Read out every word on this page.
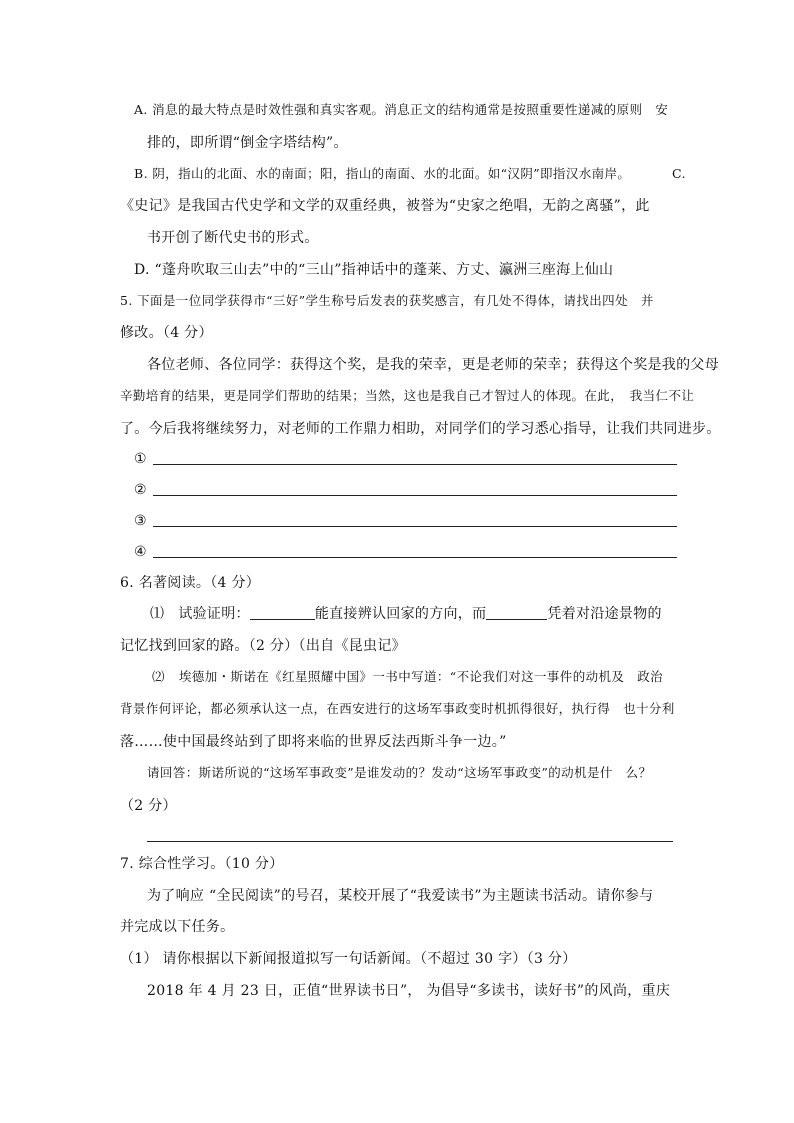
A. 消息的最大特点是时效性强和真实客观。消息正文的结构通常是按照重要性递减的原则　安
排的，即所谓“倒金字塔结构”。
B. 阴，指山的北面、水的南面；阳，指山的南面、水的北面。如“汉阴”即指汉水南岸。	C.
《史记》是我国古代史学和文学的双重经典，被誉为“史家之绝唱，无韵之离骚”，此
书开创了断代史书的形式。
D. “蓬舟吹取三山去”中的“三山”指神话中的蓬莱、方丈、瀛洲三座海上仙山
5. 下面是一位同学获得市“三好”学生称号后发表的获奖感言，有几处不得体，请找出四处　并
修改。（4 分）
各位老师、各位同学：获得这个奖，是我的荣幸，更是老师的荣幸；获得这个奖是我的父母
辛勤培育的结果，更是同学们帮助的结果；当然，这也是我自己才智过人的体现。在此，　我当仁不让
了。今后我将继续努力，对老师的工作鼎力相助，对同学们的学习悉心指导，让我们共同进步。
①
②
③
④
6. 名著阅读。（4 分）
⑴ 试验证明：	能直接辨认回家的方向，而	凭着对沿途景物的
记忆找到回家的路。（2 分）（出自《昆虫记》
⑵ 埃德加・斯诺在《红星照耀中国》一书中写道：“不论我们对这一事件的动机及　政治
背景作何评论，都必须承认这一点，在西安进行的这场军事政变时机抓得很好，执行得　也十分利
落……使中国最终站到了即将来临的世界反法西斯斗争一边。”
请回答：斯诺所说的“这场军事政变”是谁发动的？发动“这场军事政变”的动机是什　么？
（2 分）
7. 综合性学习。（10 分）
为了响应 “全民阅读”的号召，某校开展了“我爱读书”为主题读书活动。请你参与
并完成以下任务。
（1） 请你根据以下新闻报道拟写一句话新闻。（不超过 30 字）（3 分）
2018 年 4 月 23 日，正值“世界读书日”， 为倡导“多读书，读好书”的风尚，重庆
